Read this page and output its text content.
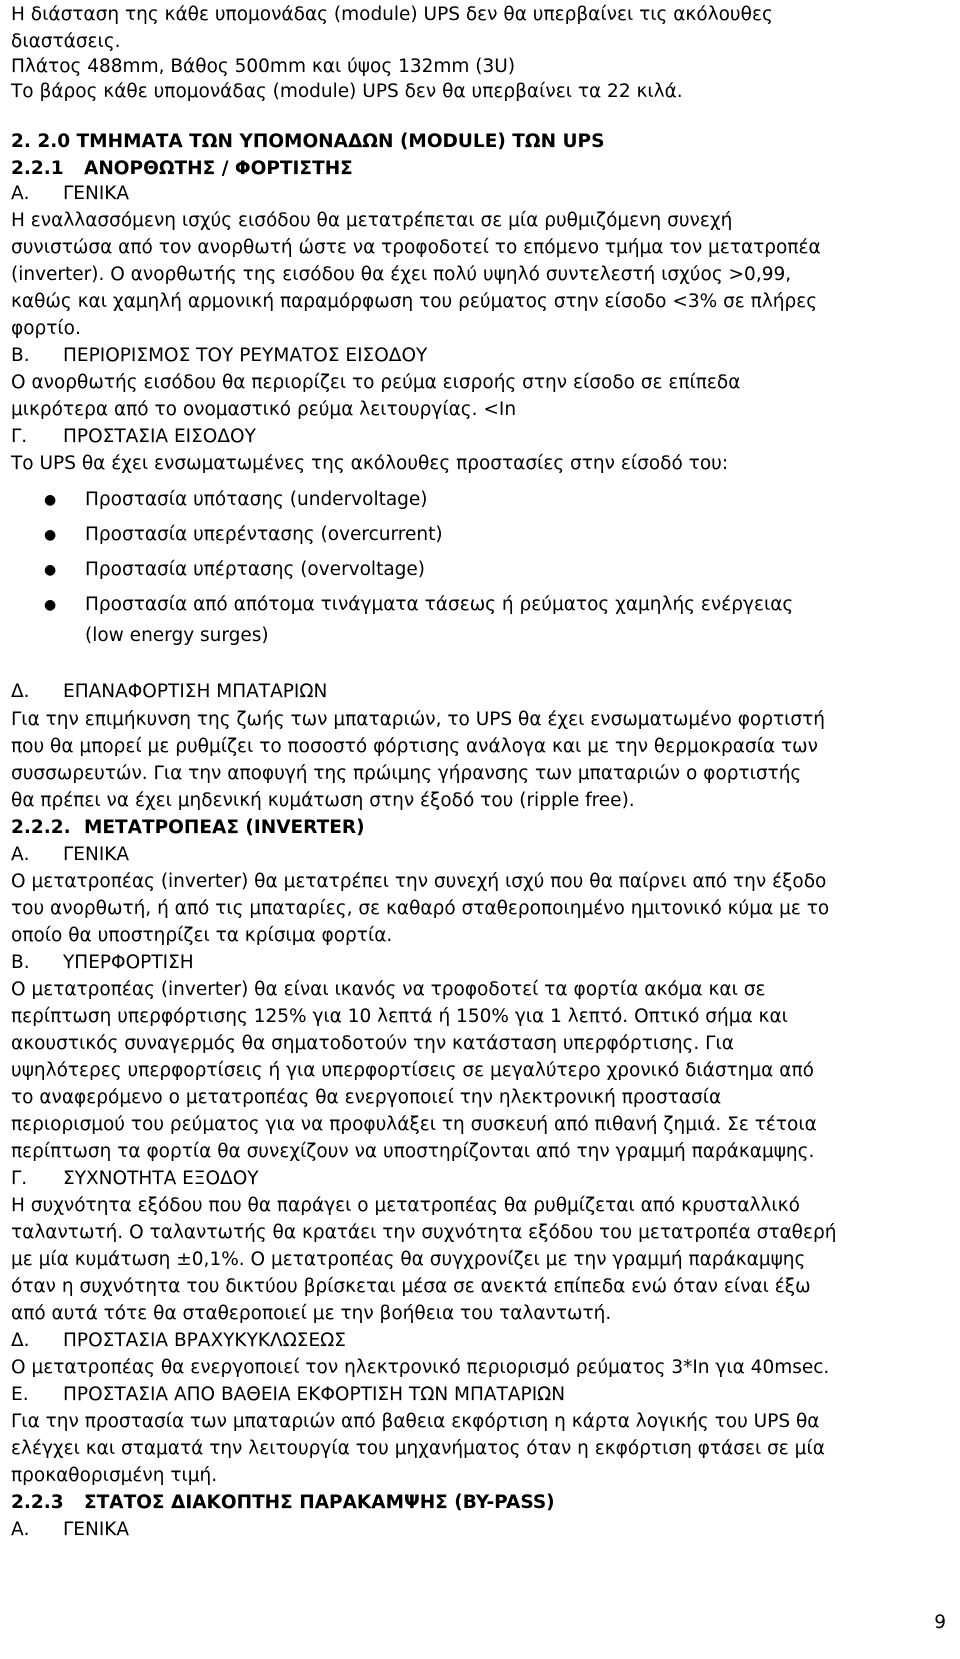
Η διάσταση της κάθε υπομονάδας (module) UPS δεν θα υπερβαίνει τις ακόλουθες
διαστάσεις.
Πλάτος 488mm, Βάθος 500mm και ύψος 132mm (3U)
Το βάρος κάθε υπομονάδας (module) UPS δεν θα υπερβαίνει τα 22 κιλά.
2. 2.0 ΤΜΗΜΑΤΑ ΤΩΝ ΥΠΟΜΟΝΑΔΩΝ (MODULE) ΤΩΝ UPS
2.2.1 ΑΝΟΡΘΩΤΗΣ / ΦΟΡΤΙΣΤΗΣ
Α. ΓΕΝΙΚΑ
Η εναλλασσόμενη ισχύς εισόδου θα μετατρέπεται σε μία ρυθμιζόμενη συνεχή
συνιστώσα από τον ανορθωτή ώστε να τροφοδοτεί το επόμενο τμήμα τον μετατροπέα
(inverter). Ο ανορθωτής της εισόδου θα έχει πολύ υψηλό συντελεστή ισχύος >0,99,
καθώς και χαμηλή αρμονική παραμόρφωση του ρεύματος στην είσοδο <3% σε πλήρες
φορτίο.
Β. ΠΕΡΙΟΡΙΣΜΟΣ ΤΟΥ ΡΕΥΜΑΤΟΣ ΕΙΣΟΔΟΥ
Ο ανορθωτής εισόδου θα περιορίζει το ρεύμα εισροής στην είσοδο σε επίπεδα
μικρότερα από το ονομαστικό ρεύμα λειτουργίας. <In
Γ. ΠΡΟΣΤΑΣΙΑ ΕΙΣΟΔΟΥ
Το UPS θα έχει ενσωματωμένες της ακόλουθες προστασίες στην είσοδό του:
● Προστασία υπότασης (undervoltage)
● Προστασία υπερέντασης (overcurrent)
● Προστασία υπέρτασης (overvoltage)
● Προστασία από απότομα τινάγματα τάσεως ή ρεύματος χαμηλής ενέργειας
(low energy surges)
Δ. ΕΠΑΝΑΦΟΡΤΙΣΗ ΜΠΑΤΑΡΙΩΝ
Για την επιμήκυνση της ζωής των μπαταριών, το UPS θα έχει ενσωματωμένο φορτιστή
που θα μπορεί με ρυθμίζει το ποσοστό φόρτισης ανάλογα και με την θερμοκρασία των
συσσωρευτών. Για την αποφυγή της πρώιμης γήρανσης των μπαταριών ο φορτιστής
θα πρέπει να έχει μηδενική κυμάτωση στην έξοδό του (ripple free).
2.2.2. ΜΕΤΑΤΡΟΠΕΑΣ (INVERTER)
Α. ΓΕΝΙΚΑ
Ο μετατροπέας (inverter) θα μετατρέπει την συνεχή ισχύ που θα παίρνει από την έξοδο
του ανορθωτή, ή από τις μπαταρίες, σε καθαρό σταθεροποιημένο ημιτονικό κύμα με το
οποίο θα υποστηρίζει τα κρίσιμα φορτία.
Β. ΥΠΕΡΦΟΡΤΙΣΗ
Ο μετατροπέας (inverter) θα είναι ικανός να τροφοδοτεί τα φορτία ακόμα και σε
περίπτωση υπερφόρτισης 125% για 10 λεπτά ή 150% για 1 λεπτό. Οπτικό σήμα και
ακουστικός συναγερμός θα σηματοδοτούν την κατάσταση υπερφόρτισης. Για
υψηλότερες υπερφορτίσεις ή για υπερφορτίσεις σε μεγαλύτερο χρονικό διάστημα από
το αναφερόμενο ο μετατροπέας θα ενεργοποιεί την ηλεκτρονική προστασία
περιορισμού του ρεύματος για να προφυλάξει τη συσκευή από πιθανή ζημιά. Σε τέτοια
περίπτωση τα φορτία θα συνεχίζουν να υποστηρίζονται από την γραμμή παράκαμψης.
Γ. ΣΥΧΝΟΤΗΤΑ ΕΞΟΔΟΥ
Η συχνότητα εξόδου που θα παράγει ο μετατροπέας θα ρυθμίζεται από κρυσταλλικό
ταλαντωτή. Ο ταλαντωτής θα κρατάει την συχνότητα εξόδου του μετατροπέα σταθερή
με μία κυμάτωση ±0,1%. Ο μετατροπέας θα συγχρονίζει με την γραμμή παράκαμψης
όταν η συχνότητα του δικτύου βρίσκεται μέσα σε ανεκτά επίπεδα ενώ όταν είναι έξω
από αυτά τότε θα σταθεροποιεί με την βοήθεια του ταλαντωτή.
Δ. ΠΡΟΣΤΑΣΙΑ ΒΡΑΧΥΚΥΚΛΩΣΕΩΣ
Ο μετατροπέας θα ενεργοποιεί τον ηλεκτρονικό περιορισμό ρεύματος 3*In για 40msec.
Ε. ΠΡΟΣΤΑΣΙΑ ΑΠΟ ΒΑΘΕΙΑ ΕΚΦΟΡΤΙΣΗ ΤΩΝ ΜΠΑΤΑΡΙΩΝ
Για την προστασία των μπαταριών από βαθεια εκφόρτιση η κάρτα λογικής του UPS θα
ελέγχει και σταματά την λειτουργία του μηχανήματος όταν η εκφόρτιση φτάσει σε μία
προκαθορισμένη τιμή.
2.2.3 ΣΤΑΤΟΣ ΔΙΑΚΟΠΤΗΣ ΠΑΡΑΚΑΜΨΗΣ (BY-PASS)
Α. ΓΕΝΙΚΑ
9
